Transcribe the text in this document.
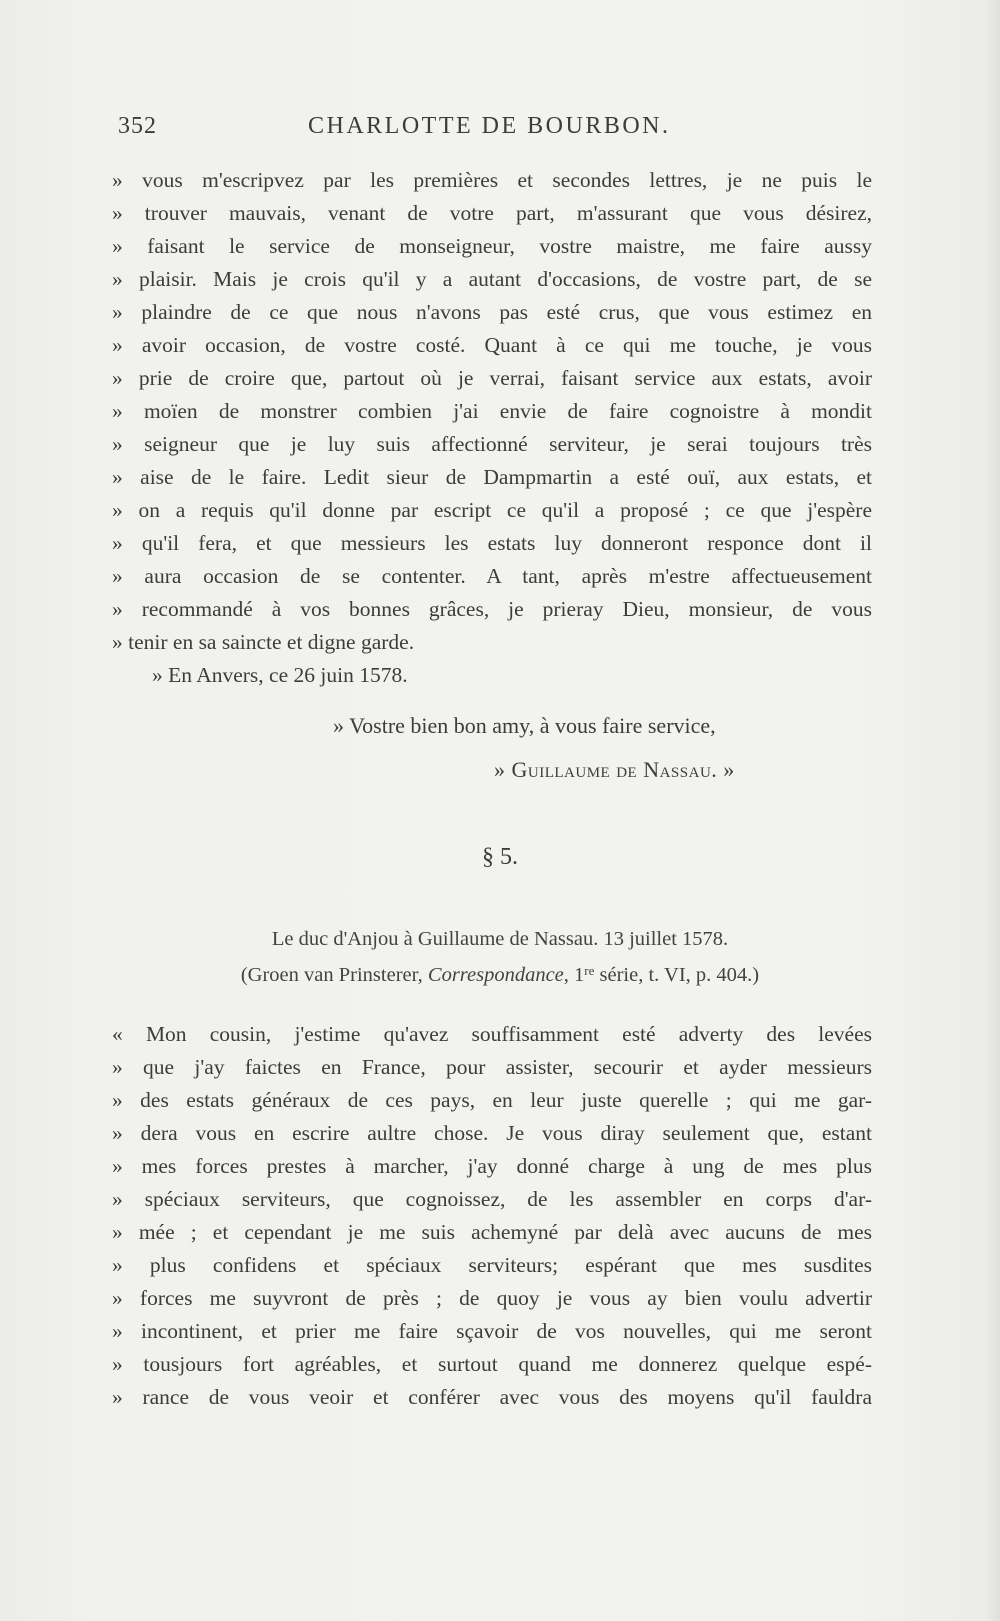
352	CHARLOTTE DE BOURBON.
» vous m'escripvez par les premières et secondes lettres, je ne puis le
» trouver mauvais, venant de votre part, m'assurant que vous désirez,
» faisant le service de monseigneur, vostre maistre, me faire aussy
» plaisir. Mais je crois qu'il y a autant d'occasions, de vostre part, de se
» plaindre de ce que nous n'avons pas esté crus, que vous estimez en
» avoir occasion, de vostre costé. Quant à ce qui me touche, je vous
» prie de croire que, partout où je verrai, faisant service aux estats, avoir
» moïen de monstrer combien j'ai envie de faire cognoistre à mondit
» seigneur que je luy suis affectionné serviteur, je serai toujours très
» aise de le faire. Ledit sieur de Dampmartin a esté ouï, aux estats, et
» on a requis qu'il donne par escript ce qu'il a proposé ; ce que j'espère
» qu'il fera, et que messieurs les estats luy donneront responce dont il
» aura occasion de se contenter. A tant, après m'estre affectueusement
» recommandé à vos bonnes grâces, je prieray Dieu, monsieur, de vous
» tenir en sa saincte et digne garde.
» En Anvers, ce 26 juin 1578.
» Vostre bien bon amy, à vous faire service,
» Guillaume de Nassau. »
§ 5.
Le duc d'Anjou à Guillaume de Nassau. 13 juillet 1578.
(Groen van Prinsterer, Correspondance, 1re série, t. VI, p. 404.)
« Mon cousin, j'estime qu'avez souffisamment esté adverty des levées
» que j'ay faictes en France, pour assister, secourir et ayder messieurs
» des estats généraux de ces pays, en leur juste querelle ; qui me gar-
» dera vous en escrire aultre chose. Je vous diray seulement que, estant
» mes forces prestes à marcher, j'ay donné charge à ung de mes plus
» spéciaux serviteurs, que cognoissez, de les assembler en corps d'ar-
» mée ; et cependant je me suis achemyné par delà avec aucuns de mes
» plus confidens et spéciaux serviteurs; espérant que mes susdites
» forces me suyvront de près ; de quoy je vous ay bien voulu advertir
» incontinent, et prier me faire sçavoir de vos nouvelles, qui me seront
» tousjours fort agréables, et surtout quand me donnerez quelque espé-
» rance de vous veoir et conférer avec vous des moyens qu'il fauldra
